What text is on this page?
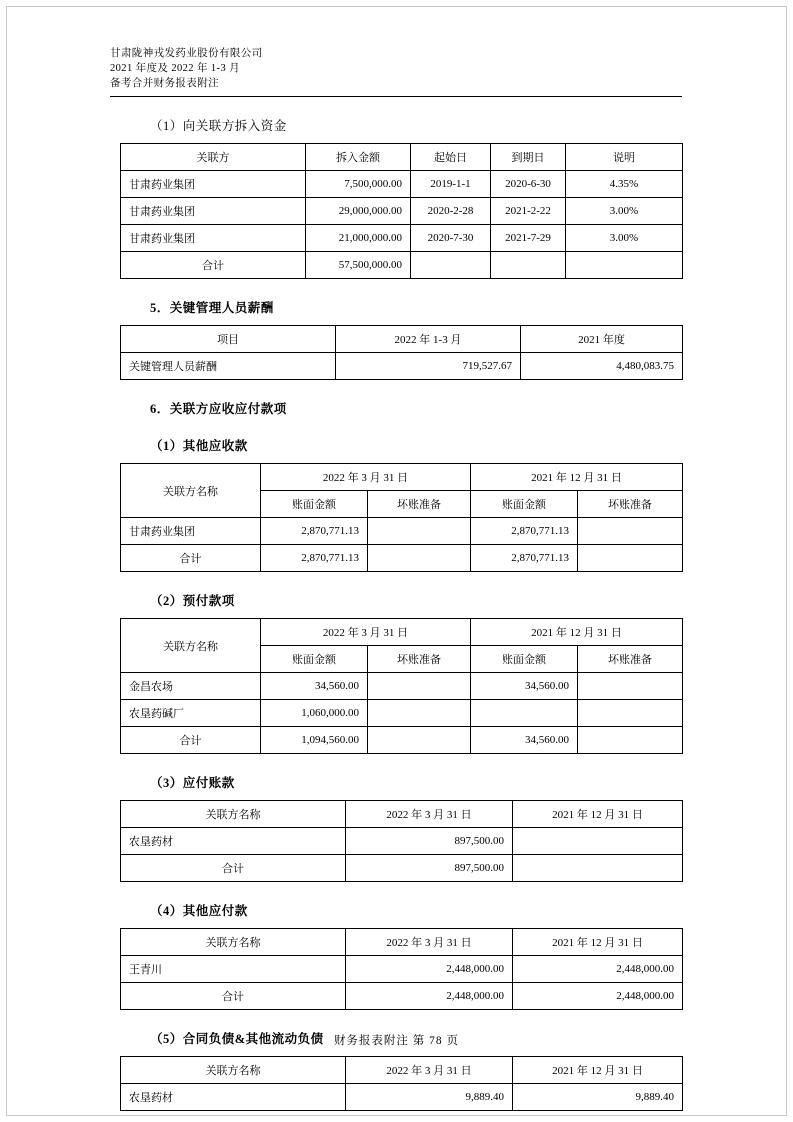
甘肃陇神戎发药业股份有限公司
2021 年度及 2022 年 1-3 月
备考合并财务报表附注
（1）向关联方拆入资金
关联方	拆入金额	起始日	到期日	说明
甘肃药业集团	7,500,000.00	2019-1-1	2020-6-30	4.35%
甘肃药业集团	29,000,000.00	2020-2-28	2021-2-22	3.00%
甘肃药业集团	21,000,000.00	2020-7-30	2021-7-29	3.00%
合计	57,500,000.00			
5．关键管理人员薪酬
项目	2022 年 1-3 月	2021 年度
关键管理人员薪酬	719,527.67	4,480,083.75
6．关联方应收应付款项
（1）其他应收款
关联方名称	2022 年 3 月 31 日		2021 年 12 月 31 日	
	账面金额	坏账准备	账面金额	坏账准备
甘肃药业集团	2,870,771.13		2,870,771.13	
合计	2,870,771.13		2,870,771.13	
（2）预付款项
关联方名称	2022 年 3 月 31 日		2021 年 12 月 31 日	
	账面金额	坏账准备	账面金额	坏账准备
金昌农场	34,560.00		34,560.00	
农垦药碱厂	1,060,000.00			
合计	1,094,560.00		34,560.00	
（3）应付账款
关联方名称	2022 年 3 月 31 日	2021 年 12 月 31 日
农垦药材	897,500.00	
合计	897,500.00	
（4）其他应付款
关联方名称	2022 年 3 月 31 日	2021 年 12 月 31 日
王青川	2,448,000.00	2,448,000.00
合计	2,448,000.00	2,448,000.00
（5）合同负债&其他流动负债
关联方名称	2022 年 3 月 31 日	2021 年 12 月 31 日
农垦药材	9,889.40	9,889.40
财务报表附注 第 78 页
